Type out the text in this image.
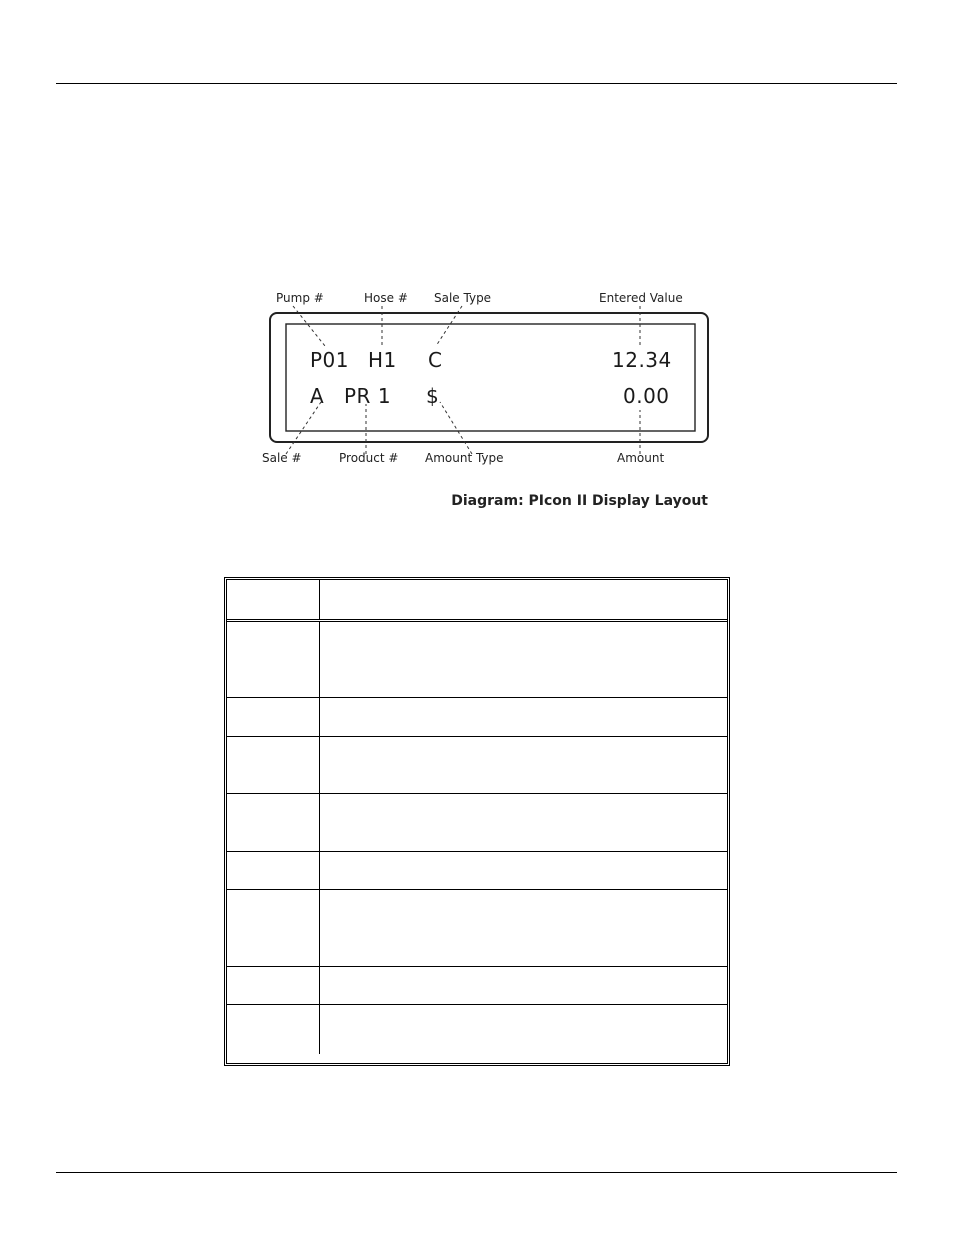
Pump #	Hose # Sale Type	Entered Value
P01 H1 C	12.34
A PR 1 $	0.00
Sale #	Product # Amount Type	Amount
Diagram: PIcon II Display Layout
